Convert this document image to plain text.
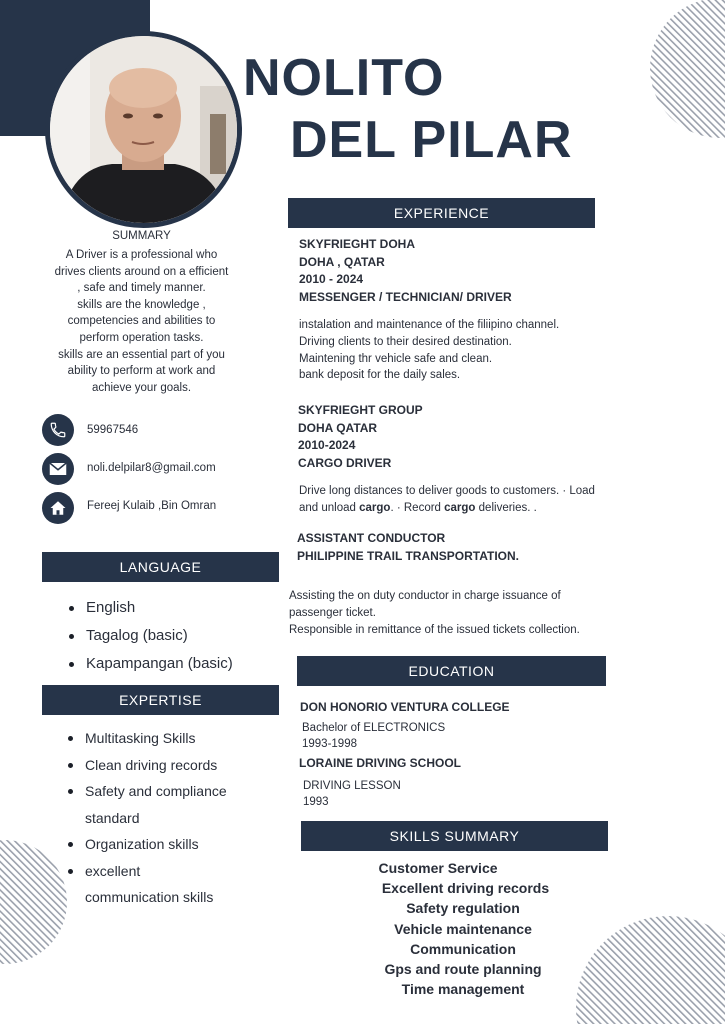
NOLITO
DEL PILAR
SUMMARY
A Driver is a professional who
drives clients around on a efficient
, safe and timely manner.
skills are the knowledge ,
competencies and abilities to
perform operation tasks.
skills are an essential part of you
ability to perform at work and
achieve your goals.
59967546
noli.delpilar8@gmail.com
Fereej Kulaib ,Bin Omran
LANGUAGE
English
Tagalog (basic)
Kapampangan (basic)
EXPERTISE
Multitasking Skills
Clean driving records
Safety and compliance
standard
Organization skills
excellent
communication skills
EXPERIENCE
SKYFRIEGHT DOHA
DOHA , QATAR
2010 - 2024
MESSENGER / TECHNICIAN/ DRIVER
instalation and maintenance of the filiipino channel.
Driving clients to their desired destination.
Maintening thr vehicle safe and clean.
bank deposit for the daily sales.
SKYFRIEGHT GROUP
DOHA QATAR
2010-2024
CARGO DRIVER
Drive long distances to deliver goods to customers. · Load
and unload cargo. · Record cargo deliveries. .
ASSISTANT CONDUCTOR
PHILIPPINE TRAIL TRANSPORTATION.
Assisting the on duty conductor in charge issuance of
passenger ticket.
Responsible in remittance of the issued tickets collection.
EDUCATION
DON HONORIO VENTURA COLLEGE
Bachelor of ELECTRONICS
1993-1998
LORAINE DRIVING SCHOOL
DRIVING LESSON
1993
SKILLS SUMMARY
Customer Service
Excellent driving records
Safety regulation
Vehicle maintenance
Communication
Gps and route planning
Time management
